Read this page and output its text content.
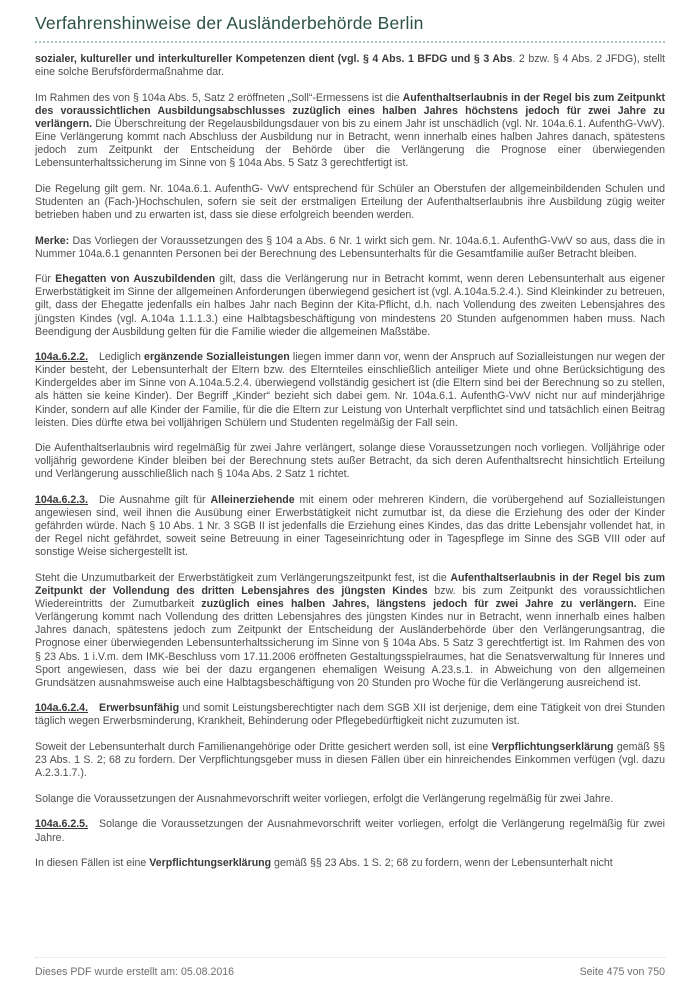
Verfahrenshinweise der Ausländerbehörde Berlin

sozialer, kultureller und interkultureller Kompetenzen dient (vgl. § 4 Abs. 1 BFDG und § 3 Abs. 2 bzw. § 4 Abs. 2 JFDG), stellt eine solche Berufsfördermaßnahme dar.

Im Rahmen des von § 104a Abs. 5, Satz 2 eröffneten „Soll“-Ermessens ist die Aufenthaltserlaubnis in der Regel bis zum Zeitpunkt des voraussichtlichen Ausbildungsabschlusses zuzüglich eines halben Jahres höchstens jedoch für zwei Jahre zu verlängern. Die Überschreitung der Regelausbildungsdauer von bis zu einem Jahr ist unschädlich (vgl. Nr. 104a.6.1. AufenthG-VwV). Eine Verlängerung kommt nach Abschluss der Ausbildung nur in Betracht, wenn innerhalb eines halben Jahres danach, spätestens jedoch zum Zeitpunkt der Entscheidung der Behörde über die Verlängerung die Prognose einer überwiegenden Lebensunterhaltssicherung im Sinne von § 104a Abs. 5 Satz 3 gerechtfertigt ist.

Die Regelung gilt gem. Nr. 104a.6.1. AufenthG- VwV entsprechend für Schüler an Oberstufen der allgemeinbildenden Schulen und Studenten an (Fach-)Hochschulen, sofern sie seit der erstmaligen Erteilung der Aufenthaltserlaubnis ihre Ausbildung zügig weiter betrieben haben und zu erwarten ist, dass sie diese erfolgreich beenden werden.

Merke: Das Vorliegen der Voraussetzungen des § 104 a Abs. 6 Nr. 1 wirkt sich gem. Nr. 104a.6.1. AufenthG-VwV so aus, dass die in Nummer 104a.6.1 genannten Personen bei der Berechnung des Lebensunterhalts für die Gesamtfamilie außer Betracht bleiben.

Für Ehegatten von Auszubildenden gilt, dass die Verlängerung nur in Betracht kommt, wenn deren Lebensunterhalt aus eigener Erwerbstätigkeit im Sinne der allgemeinen Anforderungen überwiegend gesichert ist (vgl. A.104a.5.2.4.). Sind Kleinkinder zu betreuen, gilt, dass der Ehegatte jedenfalls ein halbes Jahr nach Beginn der Kita-Pflicht, d.h. nach Vollendung des zweiten Lebensjahres des jüngsten Kindes (vgl. A.104a 1.1.1.3.) eine Halbtagsbeschäftigung von mindestens 20 Stunden aufgenommen haben muss. Nach Beendigung der Ausbildung gelten für die Familie wieder die allgemeinen Maßstäbe.

104a.6.2.2. Lediglich ergänzende Sozialleistungen liegen immer dann vor, wenn der Anspruch auf Sozialleistungen nur wegen der Kinder besteht, der Lebensunterhalt der Eltern bzw. des Elternteiles einschließlich anteiliger Miete und ohne Berücksichtigung des Kindergeldes aber im Sinne von A.104a.5.2.4. überwiegend vollständig gesichert ist (die Eltern sind bei der Berechnung so zu stellen, als hätten sie keine Kinder). Der Begriff „Kinder“ bezieht sich dabei gem. Nr. 104a.6.1. AufenthG-VwV nicht nur auf minderjährige Kinder, sondern auf alle Kinder der Familie, für die die Eltern zur Leistung von Unterhalt verpflichtet sind und tatsächlich einen Beitrag leisten. Dies dürfte etwa bei volljährigen Schülern und Studenten regelmäßig der Fall sein.

Die Aufenthaltserlaubnis wird regelmäßig für zwei Jahre verlängert, solange diese Voraussetzungen noch vorliegen. Volljährige oder volljährig gewordene Kinder bleiben bei der Berechnung stets außer Betracht, da sich deren Aufenthaltsrecht hinsichtlich Erteilung und Verlängerung ausschließlich nach § 104a Abs. 2 Satz 1 richtet.

104a.6.2.3. Die Ausnahme gilt für Alleinerziehende mit einem oder mehreren Kindern, die vorübergehend auf Sozialleistungen angewiesen sind, weil ihnen die Ausübung einer Erwerbstätigkeit nicht zumutbar ist, da diese die Erziehung des oder der Kinder gefährden würde. Nach § 10 Abs. 1 Nr. 3 SGB II ist jedenfalls die Erziehung eines Kindes, das das dritte Lebensjahr vollendet hat, in der Regel nicht gefährdet, soweit seine Betreuung in einer Tageseinrichtung oder in Tagespflege im Sinne des SGB VIII oder auf sonstige Weise sichergestellt ist.

Steht die Unzumutbarkeit der Erwerbstätigkeit zum Verlängerungszeitpunkt fest, ist die Aufenthaltserlaubnis in der Regel bis zum Zeitpunkt der Vollendung des dritten Lebensjahres des jüngsten Kindes bzw. bis zum Zeitpunkt des voraussichtlichen Wiedereintritts der Zumutbarkeit zuzüglich eines halben Jahres, längstens jedoch für zwei Jahre zu verlängern. Eine Verlängerung kommt nach Vollendung des dritten Lebensjahres des jüngsten Kindes nur in Betracht, wenn innerhalb eines halben Jahres danach, spätestens jedoch zum Zeitpunkt der Entscheidung der Ausländerbehörde über den Verlängerungsantrag, die Prognose einer überwiegenden Lebensunterhaltssicherung im Sinne von § 104a Abs. 5 Satz 3 gerechtfertigt ist. Im Rahmen des von § 23 Abs. 1 i.V.m. dem IMK-Beschluss vom 17.11.2006 eröffneten Gestaltungsspielraumes, hat die Senatsverwaltung für Inneres und Sport angewiesen, dass wie bei der dazu ergangenen ehemaligen Weisung A.23.s.1. in Abweichung von den allgemeinen Grundsätzen ausnahmsweise auch eine Halbtagsbeschäftigung von 20 Stunden pro Woche für die Verlängerung ausreichend ist.

104a.6.2.4. Erwerbsunfähig und somit Leistungsberechtigter nach dem SGB XII ist derjenige, dem eine Tätigkeit von drei Stunden täglich wegen Erwerbsminderung, Krankheit, Behinderung oder Pflegebedürftigkeit nicht zuzumuten ist.

Soweit der Lebensunterhalt durch Familienangehörige oder Dritte gesichert werden soll, ist eine Verpflichtungserklärung gemäß §§ 23 Abs. 1 S. 2; 68 zu fordern. Der Verpflichtungsgeber muss in diesen Fällen über ein hinreichendes Einkommen verfügen (vgl. dazu A.2.3.1.7.).

Solange die Voraussetzungen der Ausnahmevorschrift weiter vorliegen, erfolgt die Verlängerung regelmäßig für zwei Jahre.

104a.6.2.5. Solange die Voraussetzungen der Ausnahmevorschrift weiter vorliegen, erfolgt die Verlängerung regelmäßig für zwei Jahre.

In diesen Fällen ist eine Verpflichtungserklärung gemäß §§ 23 Abs. 1 S. 2; 68 zu fordern, wenn der Lebensunterhalt nicht

Dieses PDF wurde erstellt am: 05.08.2016	Seite 475 von 750
